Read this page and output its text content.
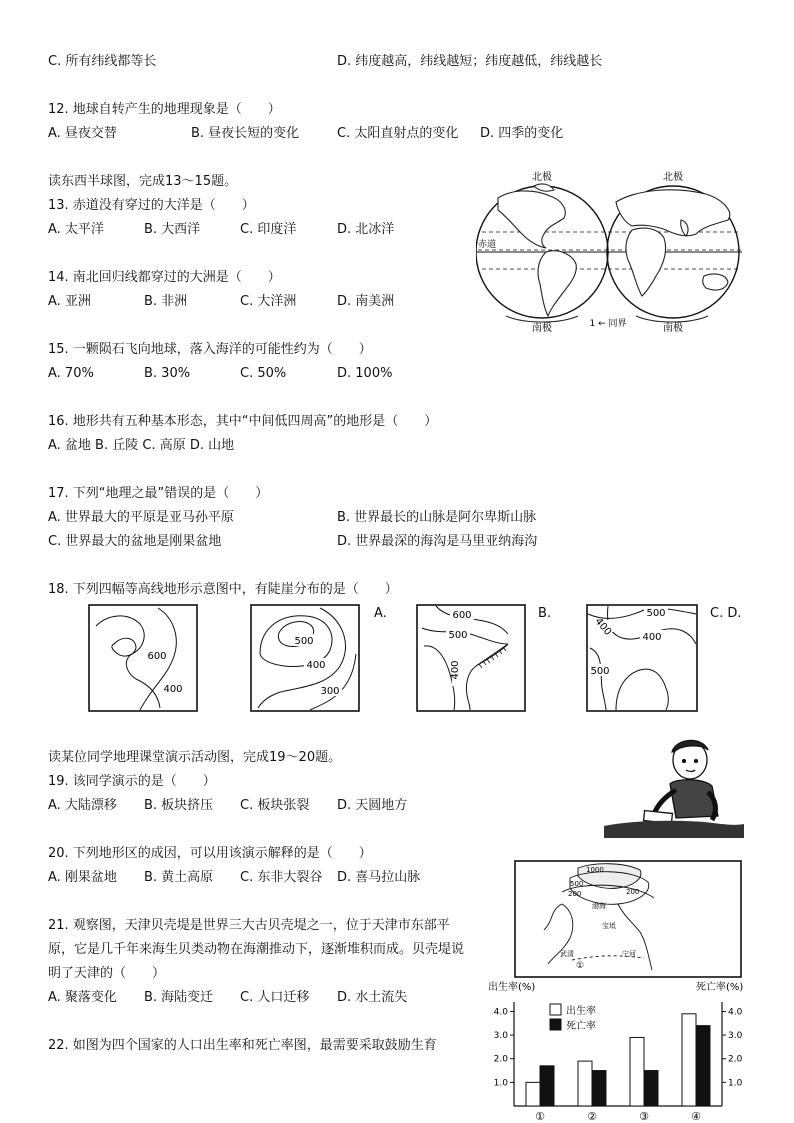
C. 所有纬线都等长	D. 纬度越高，纬线越短；纬度越低，纬线越长
12. 地球自转产生的地理现象是（　　）
A. 昼夜交替	B. 昼夜长短的变化	C. 太阳直射点的变化 D. 四季的变化
读东西半球图，完成13～15题。
13. 赤道没有穿过的大洋是（　　）
A. 太平洋	B. 大西洋	C. 印度洋	D. 北冰洋
14. 南北回归线都穿过的大洲是（　　）
A. 亚洲	B. 非洲	C. 大洋洲	D. 南美洲
15. 一颗陨石飞向地球，落入海洋的可能性约为（　　）
A. 70%	B. 30%	C. 50%	D. 100%
16. 地形共有五种基本形态，其中“中间低四周高”的地形是（　　）
A. 盆地 B. 丘陵 C. 高原 D. 山地
17. 下列“地理之最”错误的是（　　）
A. 世界最大的平原是亚马孙平原	B. 世界最长的山脉是阿尔卑斯山脉
C. 世界最大的盆地是刚果盆地	D. 世界最深的海沟是马里亚纳海沟
18. 下列四幅等高线地形示意图中，有陡崖分布的是（　　）
A.	B.	C. D.
读某位同学地理课堂演示活动图，完成19～20题。
19. 该同学演示的是（　　）
A. 大陆漂移 B. 板块挤压 C. 板块张裂 D. 天圆地方
20. 下列地形区的成因，可以用该演示解释的是（　　）
A. 刚果盆地 B. 黄土高原 C. 东非大裂谷 D. 喜马拉山脉
21. 观察图，天津贝壳堤是世界三大古贝壳堤之一，位于天津市东部平
原，它是几千年来海生贝类动物在海潮推动下，逐渐堆积而成。贝壳堤说
明了天津的（　　）
A. 聚落变化 B. 海陆变迁 C. 人口迁移 D. 水土流失
22. 如图为四个国家的人口出生率和死亡率图，最需要采取鼓励生育
北极	北极
赤道
南极	南极
1 ← 同界
600
400
500
400
300
600
500
400
500
400	400
500
1000
500
200	200
渤海
宝坻
武清	宁河
①
出生率(%)	死亡率(%)
1.0	1.0
2.0	2.0
3.0	3.0
4.0	4.0
①	②	③	④
出生率
死亡率
